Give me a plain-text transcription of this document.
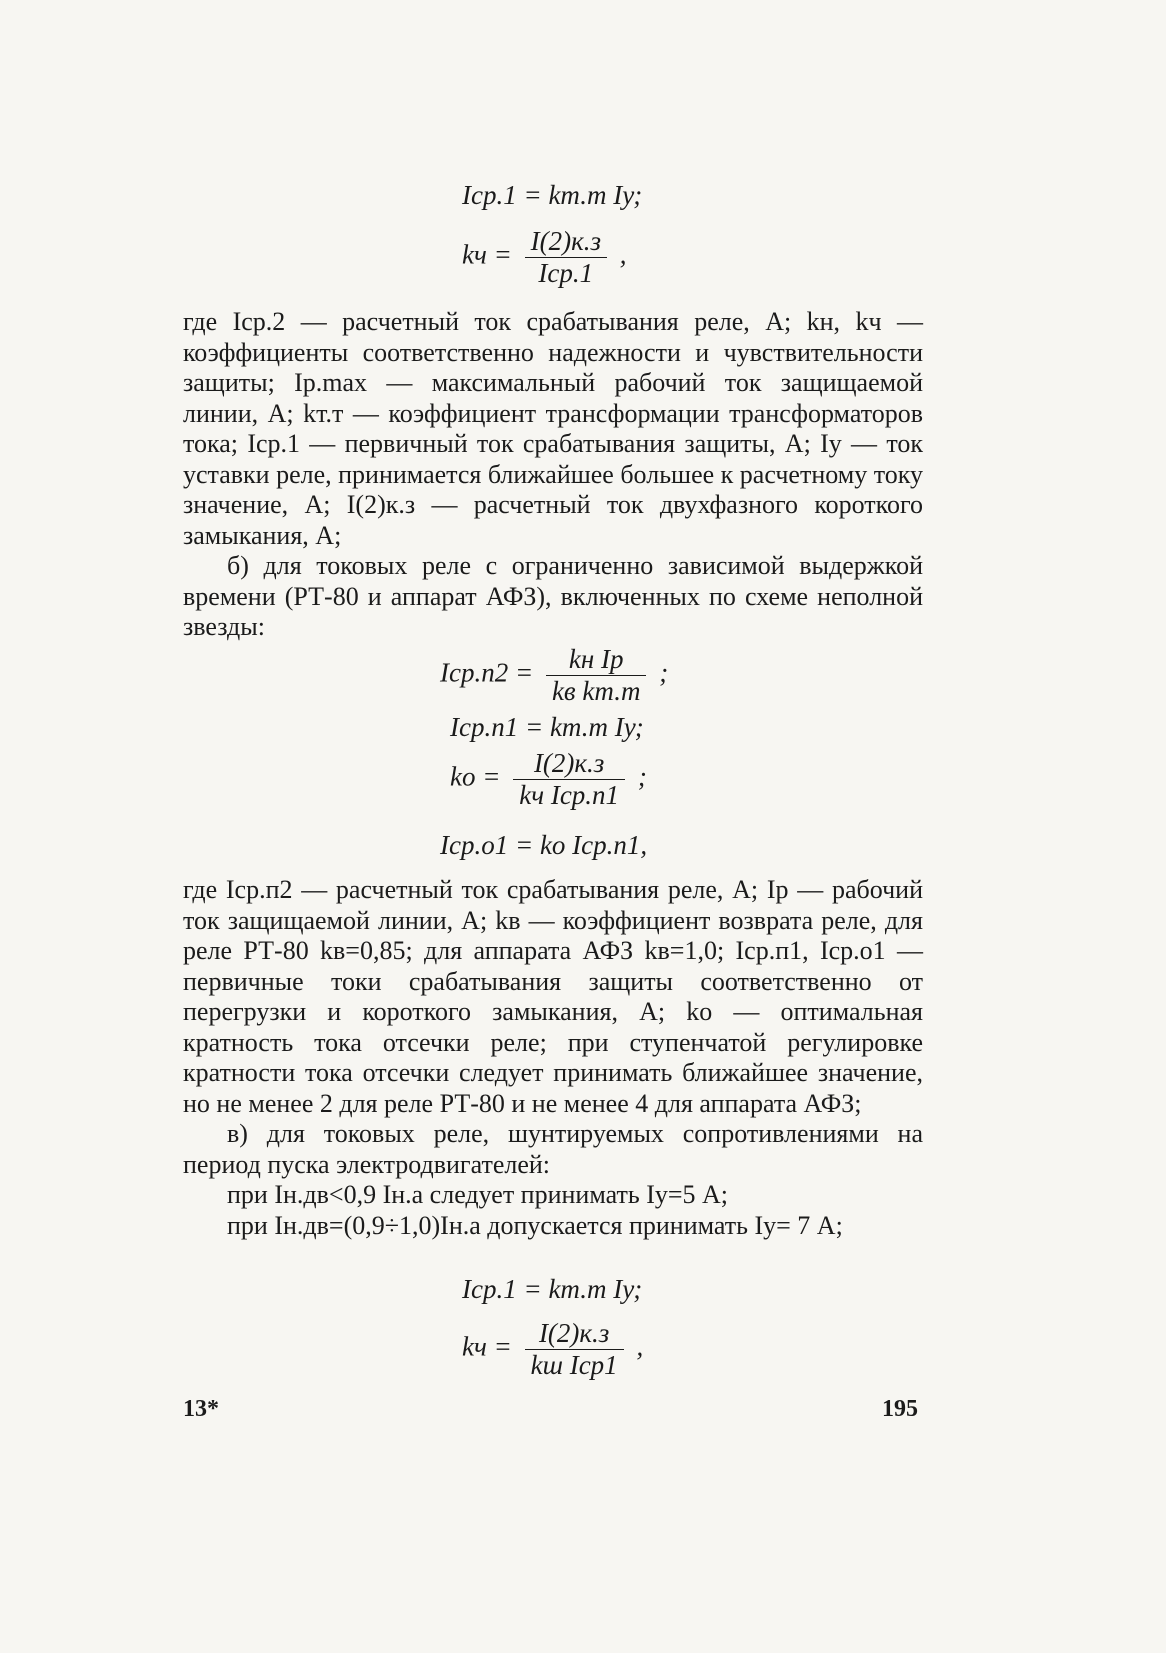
Iср.1 = kт.т Iу;
kч = $\frac{I(2)к.з}{\text{Iср.1}}$ ,

где Iср.2 — расчетный ток срабатывания реле, А; kн, kч — коэффициенты соответственно надежности и чувствительности защиты; Iр.max — максимальный рабочий ток защищаемой линии, А; kт.т — коэффициент трансформации трансформаторов тока; Iср.1 — первичный ток срабатывания защиты, А; Iу — ток уставки реле, принимается ближайшее большее к расчетному току значение, А; I(2)к.з — расчетный ток двухфазного короткого замыкания, А;

б) для токовых реле с ограниченно зависимой выдержкой времени (РТ-80 и аппарат АФЗ), включенных по схеме неполной звезды:

$Iср.п2 = \frac{\text{kн Iр}}{\text{kв kт.т}}$ ;
Iср.п1 = kт.т Iу;
kо = $\frac{I(2)к.з}{\text{kч Iср.п1}}$ ;
Iср.о1 = kо Iср.п1,

где Iср.п2 — расчетный ток срабатывания реле, А; Iр — рабочий ток защищаемой линии, А; kв — коэффициент возврата реле, для реле РТ-80 kв=0,85; для аппарата АФЗ kв=1,0; Iср.п1, Iср.о1 — первичные токи срабатывания защиты соответственно от перегрузки и короткого замыкания, А; kо — оптимальная кратность тока отсечки реле; при ступенчатой регулировке кратности тока отсечки следует принимать ближайшее значение, но не менее 2 для реле РТ-80 и не менее 4 для аппарата АФЗ;

в) для токовых реле, шунтируемых сопротивлениями на период пуска электродвигателей:

при Iн.дв<0,9 Iн.а следует принимать Iу=5 А;

при Iн.дв=(0,9÷1,0)Iн.а допускается принимать Iу= 7 А;

Iср.1 = kт.т Iу;
kч = $\frac{I(2)к.з}{\text{kш Iср1}}$ ,
13*	195
